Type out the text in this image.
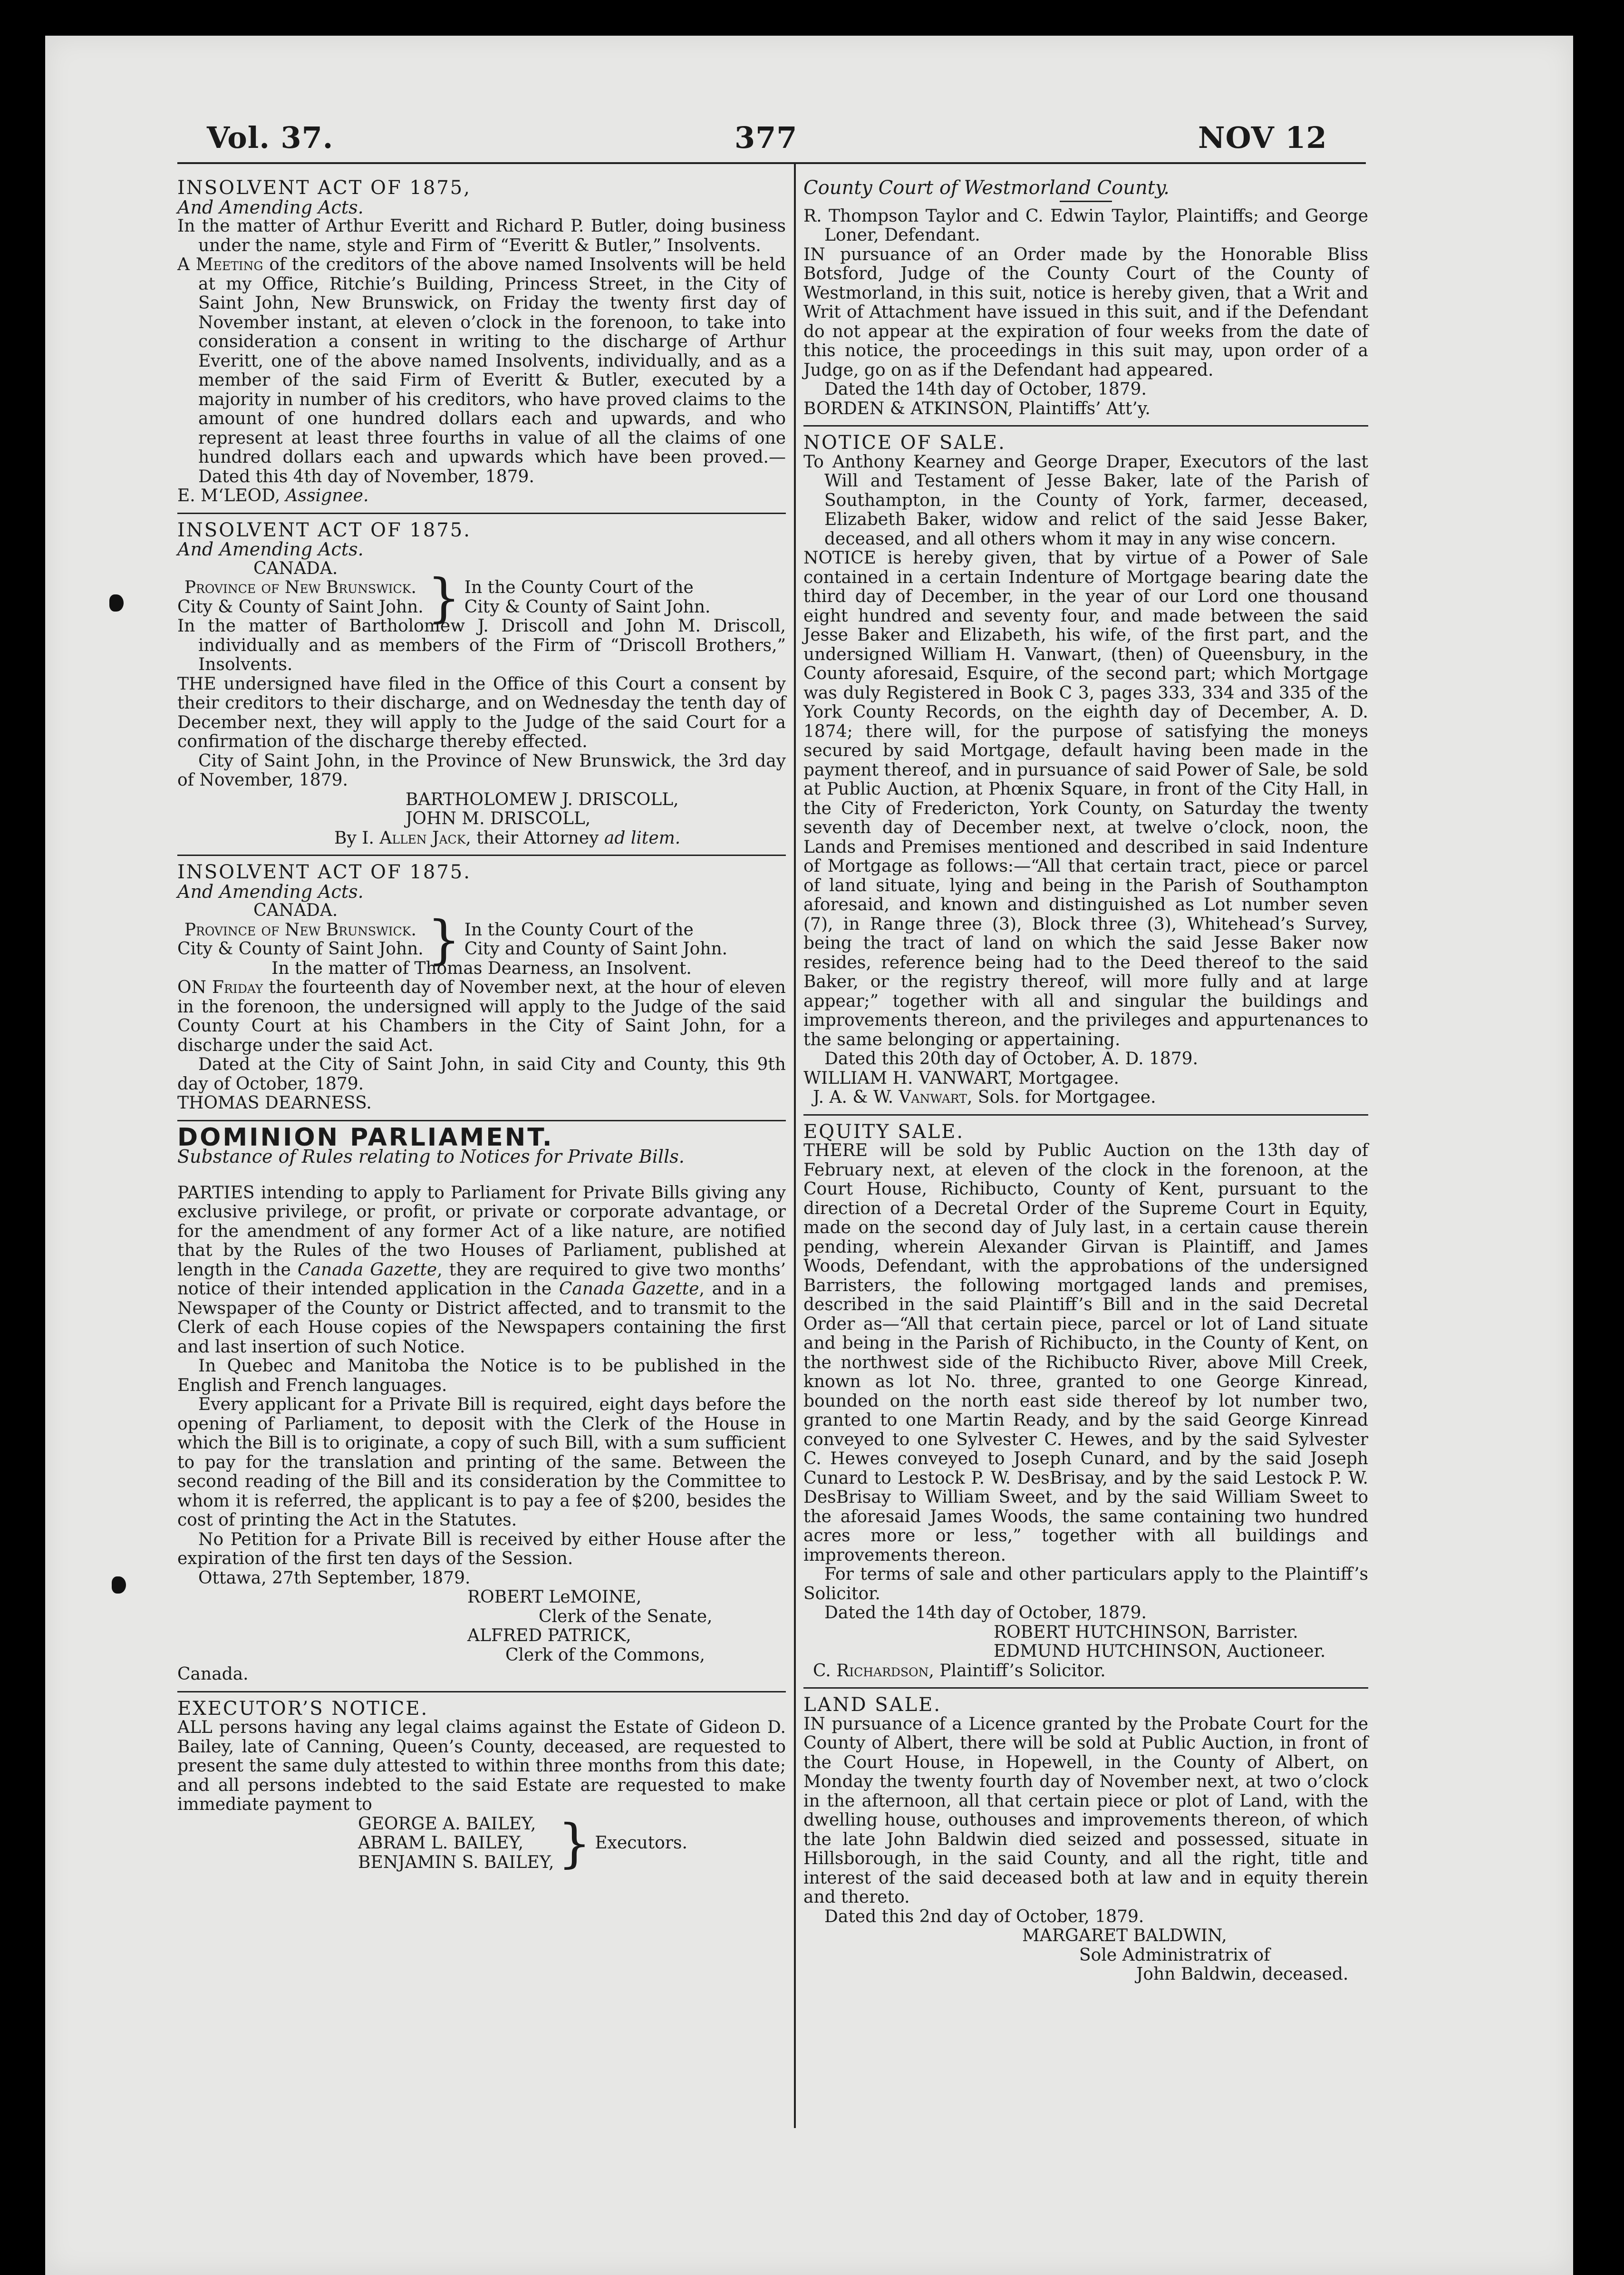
Vol. 37.	377	NOV 12

INSOLVENT ACT OF 1875,

And Amending Acts.

In the matter of Arthur Everitt and Richard P. Butler, doing business under the name, style and Firm of “Everitt & Butler,” Insolvents.

A Meeting of the creditors of the above named Insolvents will be held at my Office, Ritchie’s Building, Princess Street, in the City of Saint John, New Brunswick, on Friday the twenty first day of November instant, at eleven o’clock in the forenoon, to take into consideration a consent in writing to the discharge of Arthur Everitt, one of the above named Insolvents, individually, and as a member of the said Firm of Everitt & Butler, executed by a majority in number of his creditors, who have proved claims to the amount of one hundred dollars each and upwards, and who represent at least three fourths in value of all the claims of one hundred dollars each and upwards which have been proved.—Dated this 4th day of November, 1879.

E. M‘LEOD, Assignee.

INSOLVENT ACT OF 1875.

And Amending Acts.

CANADA.

Province of New Brunswick.
City & County of Saint John. } In the County Court of the
City & County of Saint John.

In the matter of Bartholomew J. Driscoll and John M. Driscoll, individually and as members of the Firm of “Driscoll Brothers,” Insolvents.

THE undersigned have filed in the Office of this Court a consent by their creditors to their discharge, and on Wednesday the tenth day of December next, they will apply to the Judge of the said Court for a confirmation of the discharge thereby effected.

City of Saint John, in the Province of New Brunswick, the 3rd day of November, 1879.

BARTHOLOMEW J. DRISCOLL,

JOHN M. DRISCOLL,

By I. Allen Jack, their Attorney ad litem.

INSOLVENT ACT OF 1875.

And Amending Acts.

CANADA.

Province of New Brunswick.
City & County of Saint John. } In the County Court of the
City and County of Saint John.

In the matter of Thomas Dearness, an Insolvent.

ON Friday the fourteenth day of November next, at the hour of eleven in the forenoon, the undersigned will apply to the Judge of the said County Court at his Chambers in the City of Saint John, for a discharge under the said Act.

Dated at the City of Saint John, in said City and County, this 9th day of October, 1879.

THOMAS DEARNESS.

DOMINION PARLIAMENT.

Substance of Rules relating to Notices for Private Bills.

PARTIES intending to apply to Parliament for Private Bills giving any exclusive privilege, or profit, or private or corporate advantage, or for the amendment of any former Act of a like nature, are notified that by the Rules of the two Houses of Parliament, published at length in the Canada Gazette, they are required to give two months’ notice of their intended application in the Canada Gazette, and in a Newspaper of the County or District affected, and to transmit to the Clerk of each House copies of the Newspapers containing the first and last insertion of such Notice.

In Quebec and Manitoba the Notice is to be published in the English and French languages.

Every applicant for a Private Bill is required, eight days before the opening of Parliament, to deposit with the Clerk of the House in which the Bill is to originate, a copy of such Bill, with a sum sufficient to pay for the translation and printing of the same. Between the second reading of the Bill and its consideration by the Committee to whom it is referred, the applicant is to pay a fee of $200, besides the cost of printing the Act in the Statutes.

No Petition for a Private Bill is received by either House after the expiration of the first ten days of the Session.

Ottawa, 27th September, 1879.

ROBERT LeMOINE,

Clerk of the Senate,

ALFRED PATRICK,

Clerk of the Commons,

Canada.

EXECUTOR’S NOTICE.

ALL persons having any legal claims against the Estate of Gideon D. Bailey, late of Canning, Queen’s County, deceased, are requested to present the same duly attested to within three months from this date; and all persons indebted to the said Estate are requested to make immediate payment to

GEORGE A. BAILEY,
ABRAM L. BAILEY,
BENJAMIN S. BAILEY, } Executors.

County Court of Westmorland County.

R. Thompson Taylor and C. Edwin Taylor, Plaintiffs; and George Loner, Defendant.

IN pursuance of an Order made by the Honorable Bliss Botsford, Judge of the County Court of the County of Westmorland, in this suit, notice is hereby given, that a Writ and Writ of Attachment have issued in this suit, and if the Defendant do not appear at the expiration of four weeks from the date of this notice, the proceedings in this suit may, upon order of a Judge, go on as if the Defendant had appeared.

Dated the 14th day of October, 1879.

BORDEN & ATKINSON, Plaintiffs’ Att’y.

NOTICE OF SALE.

To Anthony Kearney and George Draper, Executors of the last Will and Testament of Jesse Baker, late of the Parish of Southampton, in the County of York, farmer, deceased, Elizabeth Baker, widow and relict of the said Jesse Baker, deceased, and all others whom it may in any wise concern.

NOTICE is hereby given, that by virtue of a Power of Sale contained in a certain Indenture of Mortgage bearing date the third day of December, in the year of our Lord one thousand eight hundred and seventy four, and made between the said Jesse Baker and Elizabeth, his wife, of the first part, and the undersigned William H. Vanwart, (then) of Queensbury, in the County aforesaid, Esquire, of the second part; which Mortgage was duly Registered in Book C 3, pages 333, 334 and 335 of the York County Records, on the eighth day of December, A. D. 1874; there will, for the purpose of satisfying the moneys secured by said Mortgage, default having been made in the payment thereof, and in pursuance of said Power of Sale, be sold at Public Auction, at Phœnix Square, in front of the City Hall, in the City of Fredericton, York County, on Saturday the twenty seventh day of December next, at twelve o’clock, noon, the Lands and Premises mentioned and described in said Indenture of Mortgage as follows:—“All that certain tract, piece or parcel of land situate, lying and being in the Parish of Southampton aforesaid, and known and distinguished as Lot number seven (7), in Range three (3), Block three (3), Whitehead’s Survey, being the tract of land on which the said Jesse Baker now resides, reference being had to the Deed thereof to the said Baker, or the registry thereof, will more fully and at large appear;” together with all and singular the buildings and improvements thereon, and the privileges and appurtenances to the same belonging or appertaining.

Dated this 20th day of October, A. D. 1879.

WILLIAM H. VANWART, Mortgagee.

J. A. & W. Vanwart, Sols. for Mortgagee.

EQUITY SALE.

THERE will be sold by Public Auction on the 13th day of February next, at eleven of the clock in the forenoon, at the Court House, Richibucto, County of Kent, pursuant to the direction of a Decretal Order of the Supreme Court in Equity, made on the second day of July last, in a certain cause therein pending, wherein Alexander Girvan is Plaintiff, and James Woods, Defendant, with the approbations of the undersigned Barristers, the following mortgaged lands and premises, described in the said Plaintiff’s Bill and in the said Decretal Order as—“All that certain piece, parcel or lot of Land situate and being in the Parish of Richibucto, in the County of Kent, on the northwest side of the Richibucto River, above Mill Creek, known as lot No. three, granted to one George Kinread, bounded on the north east side thereof by lot number two, granted to one Martin Ready, and by the said George Kinread conveyed to one Sylvester C. Hewes, and by the said Sylvester C. Hewes conveyed to Joseph Cunard, and by the said Joseph Cunard to Lestock P. W. DesBrisay, and by the said Lestock P. W. DesBrisay to William Sweet, and by the said William Sweet to the aforesaid James Woods, the same containing two hundred acres more or less,” together with all buildings and improvements thereon.

For terms of sale and other particulars apply to the Plaintiff’s Solicitor.

Dated the 14th day of October, 1879.

ROBERT HUTCHINSON, Barrister.

EDMUND HUTCHINSON, Auctioneer.

C. Richardson, Plaintiff’s Solicitor.

LAND SALE.

IN pursuance of a Licence granted by the Probate Court for the County of Albert, there will be sold at Public Auction, in front of the Court House, in Hopewell, in the County of Albert, on Monday the twenty fourth day of November next, at two o’clock in the afternoon, all that certain piece or plot of Land, with the dwelling house, outhouses and improvements thereon, of which the late John Baldwin died seized and possessed, situate in Hillsborough, in the said County, and all the right, title and interest of the said deceased both at law and in equity therein and thereto.

Dated this 2nd day of October, 1879.

MARGARET BALDWIN,

Sole Administratrix of

John Baldwin, deceased.
